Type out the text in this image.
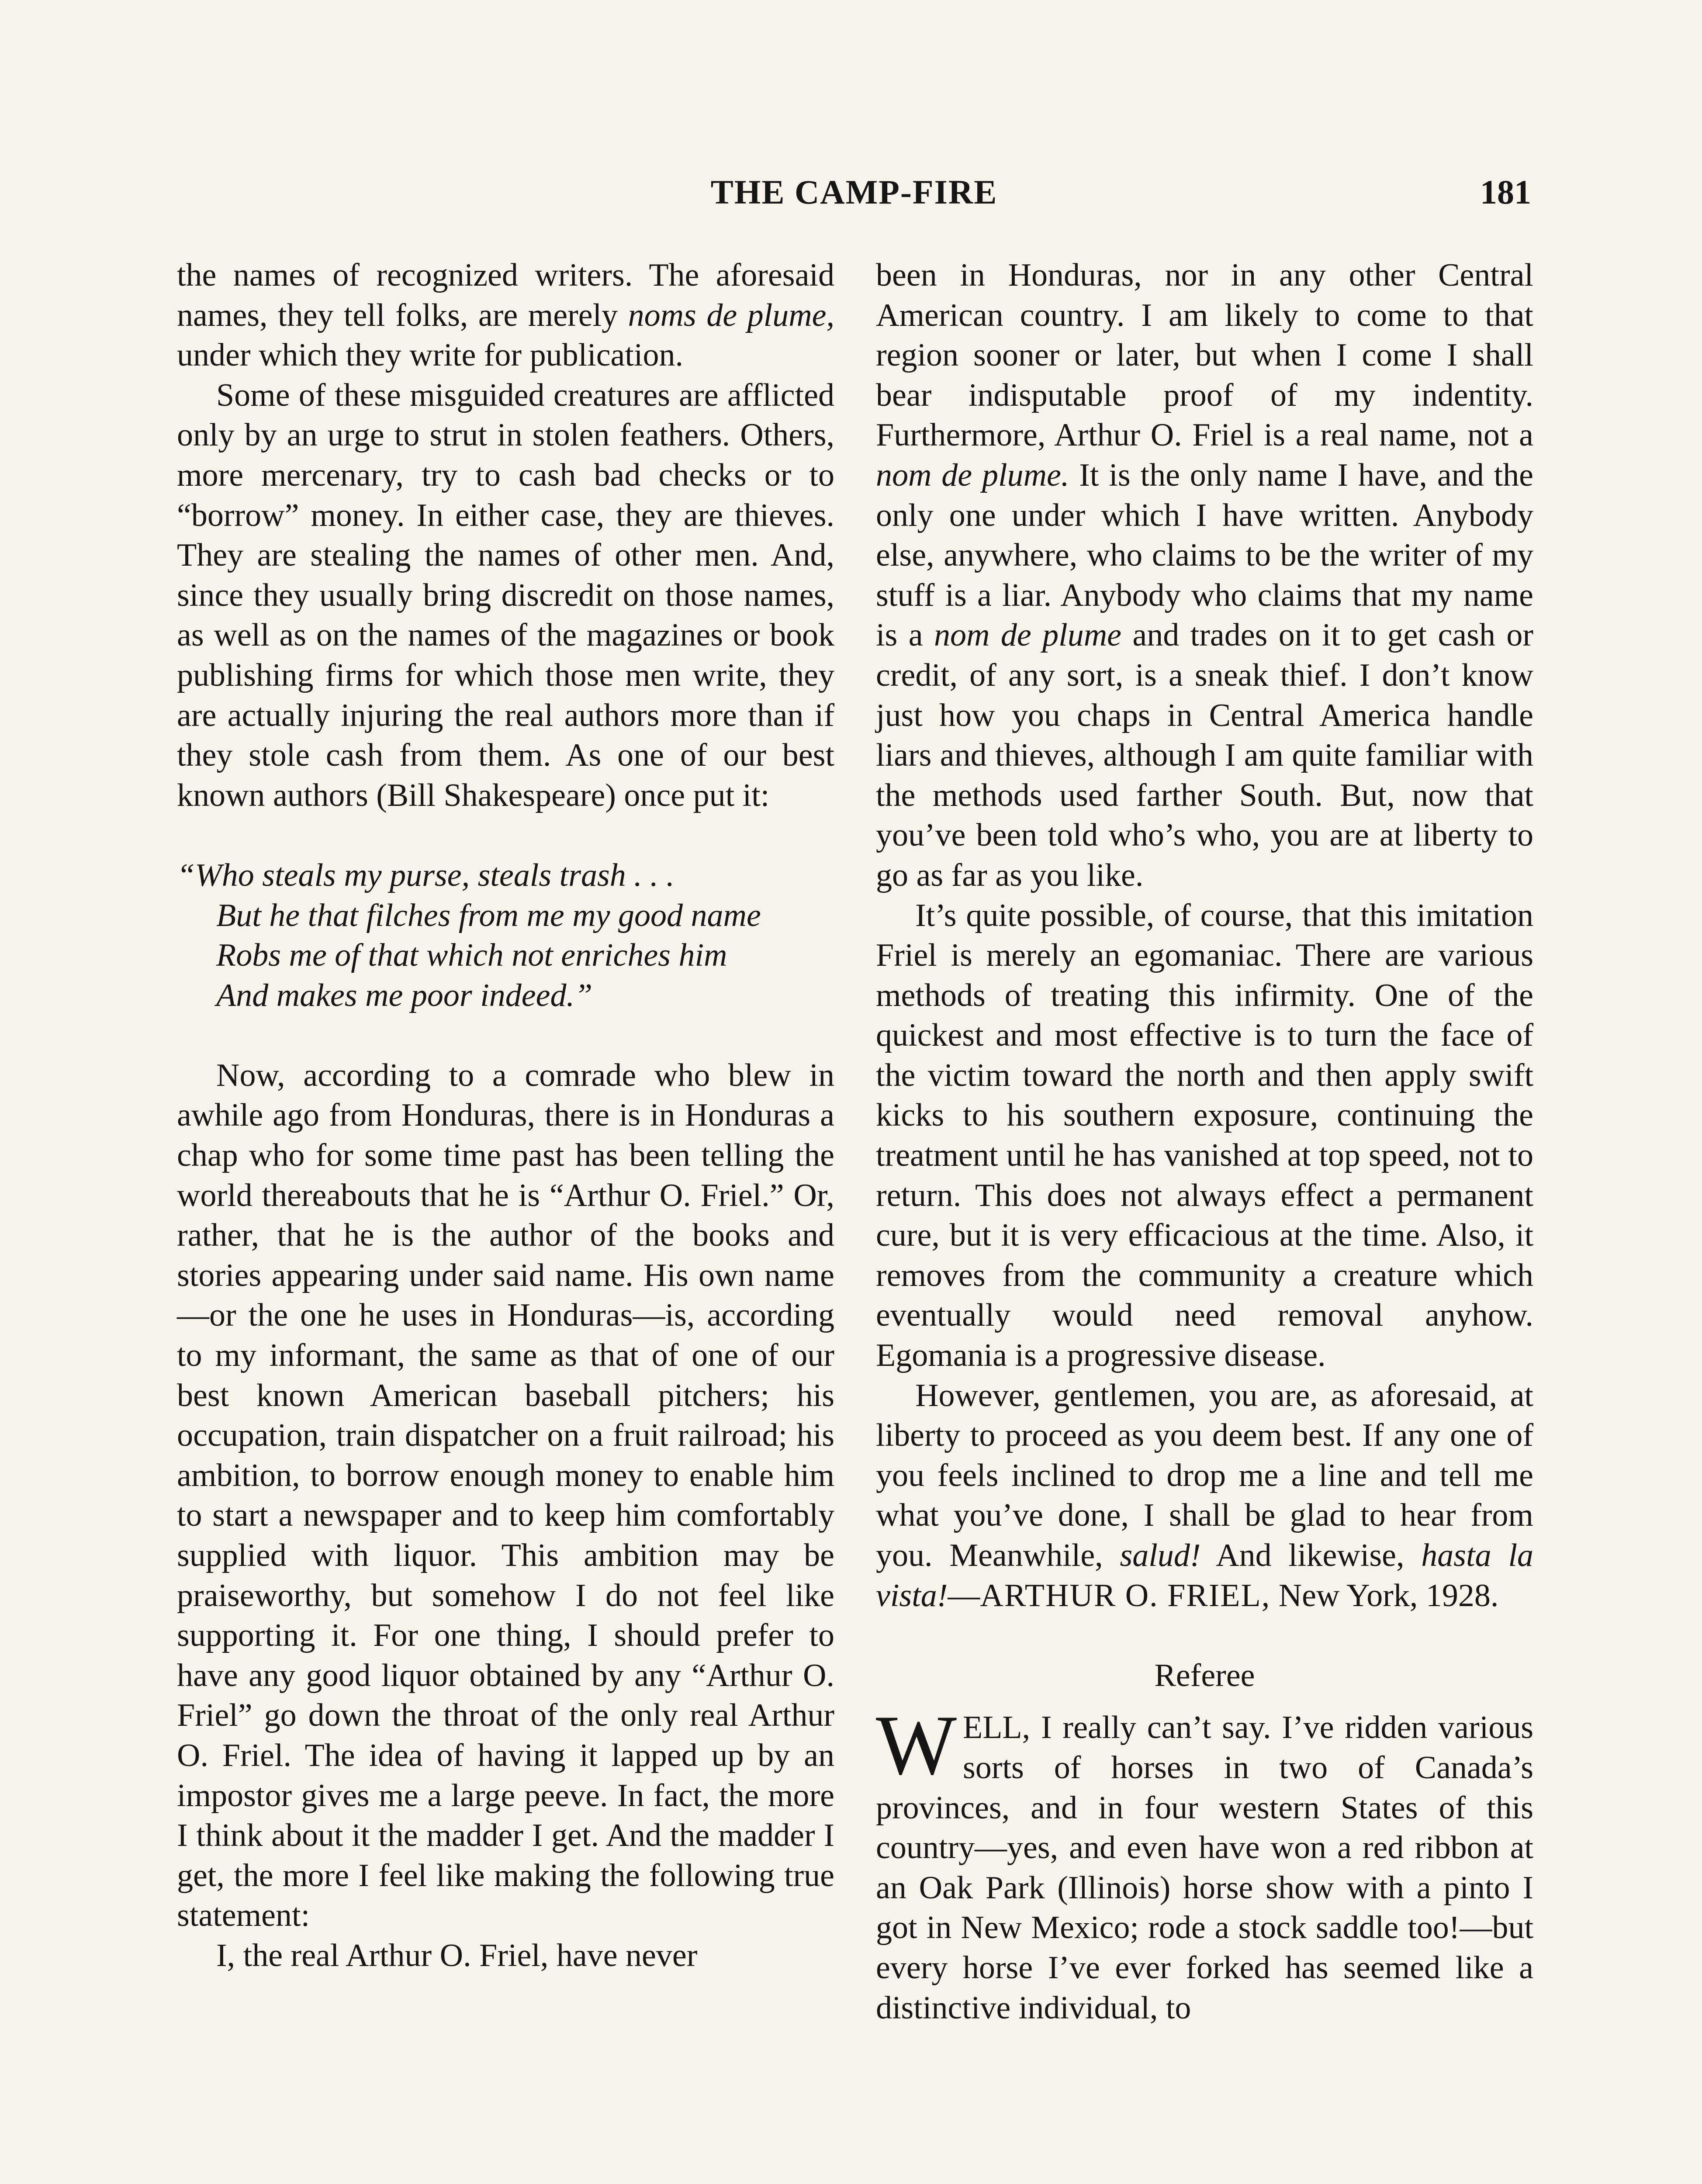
THE CAMP-FIRE	181

the names of recognized writers. The aforesaid names, they tell folks, are merely noms de plume, under which they write for publication.

Some of these misguided creatures are afflicted only by an urge to strut in stolen feathers. Others, more mercenary, try to cash bad checks or to “borrow” money. In either case, they are thieves. They are stealing the names of other men. And, since they usually bring discredit on those names, as well as on the names of the magazines or book publishing firms for which those men write, they are actually injuring the real authors more than if they stole cash from them. As one of our best known authors (Bill Shakespeare) once put it:

“Who steals my purse, steals trash . . .
But he that filches from me my good name
Robs me of that which not enriches him
And makes me poor indeed.”

Now, according to a comrade who blew in awhile ago from Honduras, there is in Honduras a chap who for some time past has been telling the world thereabouts that he is “Arthur O. Friel.” Or, rather, that he is the author of the books and stories appearing under said name. His own name—or the one he uses in Honduras—is, according to my informant, the same as that of one of our best known American baseball pitchers; his occupation, train dispatcher on a fruit railroad; his ambition, to borrow enough money to enable him to start a newspaper and to keep him comfortably supplied with liquor. This ambition may be praiseworthy, but somehow I do not feel like supporting it. For one thing, I should prefer to have any good liquor obtained by any “Arthur O. Friel” go down the throat of the only real Arthur O. Friel. The idea of having it lapped up by an impostor gives me a large peeve. In fact, the more I think about it the madder I get. And the madder I get, the more I feel like making the following true statement:

I, the real Arthur O. Friel, have never

been in Honduras, nor in any other Central American country. I am likely to come to that region sooner or later, but when I come I shall bear indisputable proof of my indentity. Furthermore, Arthur O. Friel is a real name, not a nom de plume. It is the only name I have, and the only one under which I have written. Anybody else, anywhere, who claims to be the writer of my stuff is a liar. Anybody who claims that my name is a nom de plume and trades on it to get cash or credit, of any sort, is a sneak thief. I don’t know just how you chaps in Central America handle liars and thieves, although I am quite familiar with the methods used farther South. But, now that you’ve been told who’s who, you are at liberty to go as far as you like.

It’s quite possible, of course, that this imitation Friel is merely an egomaniac. There are various methods of treating this infirmity. One of the quickest and most effective is to turn the face of the victim toward the north and then apply swift kicks to his southern exposure, continuing the treatment until he has vanished at top speed, not to return. This does not always effect a permanent cure, but it is very efficacious at the time. Also, it removes from the community a creature which eventually would need removal anyhow. Egomania is a progressive disease.

However, gentlemen, you are, as aforesaid, at liberty to proceed as you deem best. If any one of you feels inclined to drop me a line and tell me what you’ve done, I shall be glad to hear from you. Meanwhile, salud! And likewise, hasta la vista!—ARTHUR O. FRIEL, New York, 1928.

Referee

WELL, I really can’t say. I’ve ridden various sorts of horses in two of Canada’s provinces, and in four western States of this country—yes, and even have won a red ribbon at an Oak Park (Illinois) horse show with a pinto I got in New Mexico; rode a stock saddle too!—but every horse I’ve ever forked has seemed like a distinctive individual, to
